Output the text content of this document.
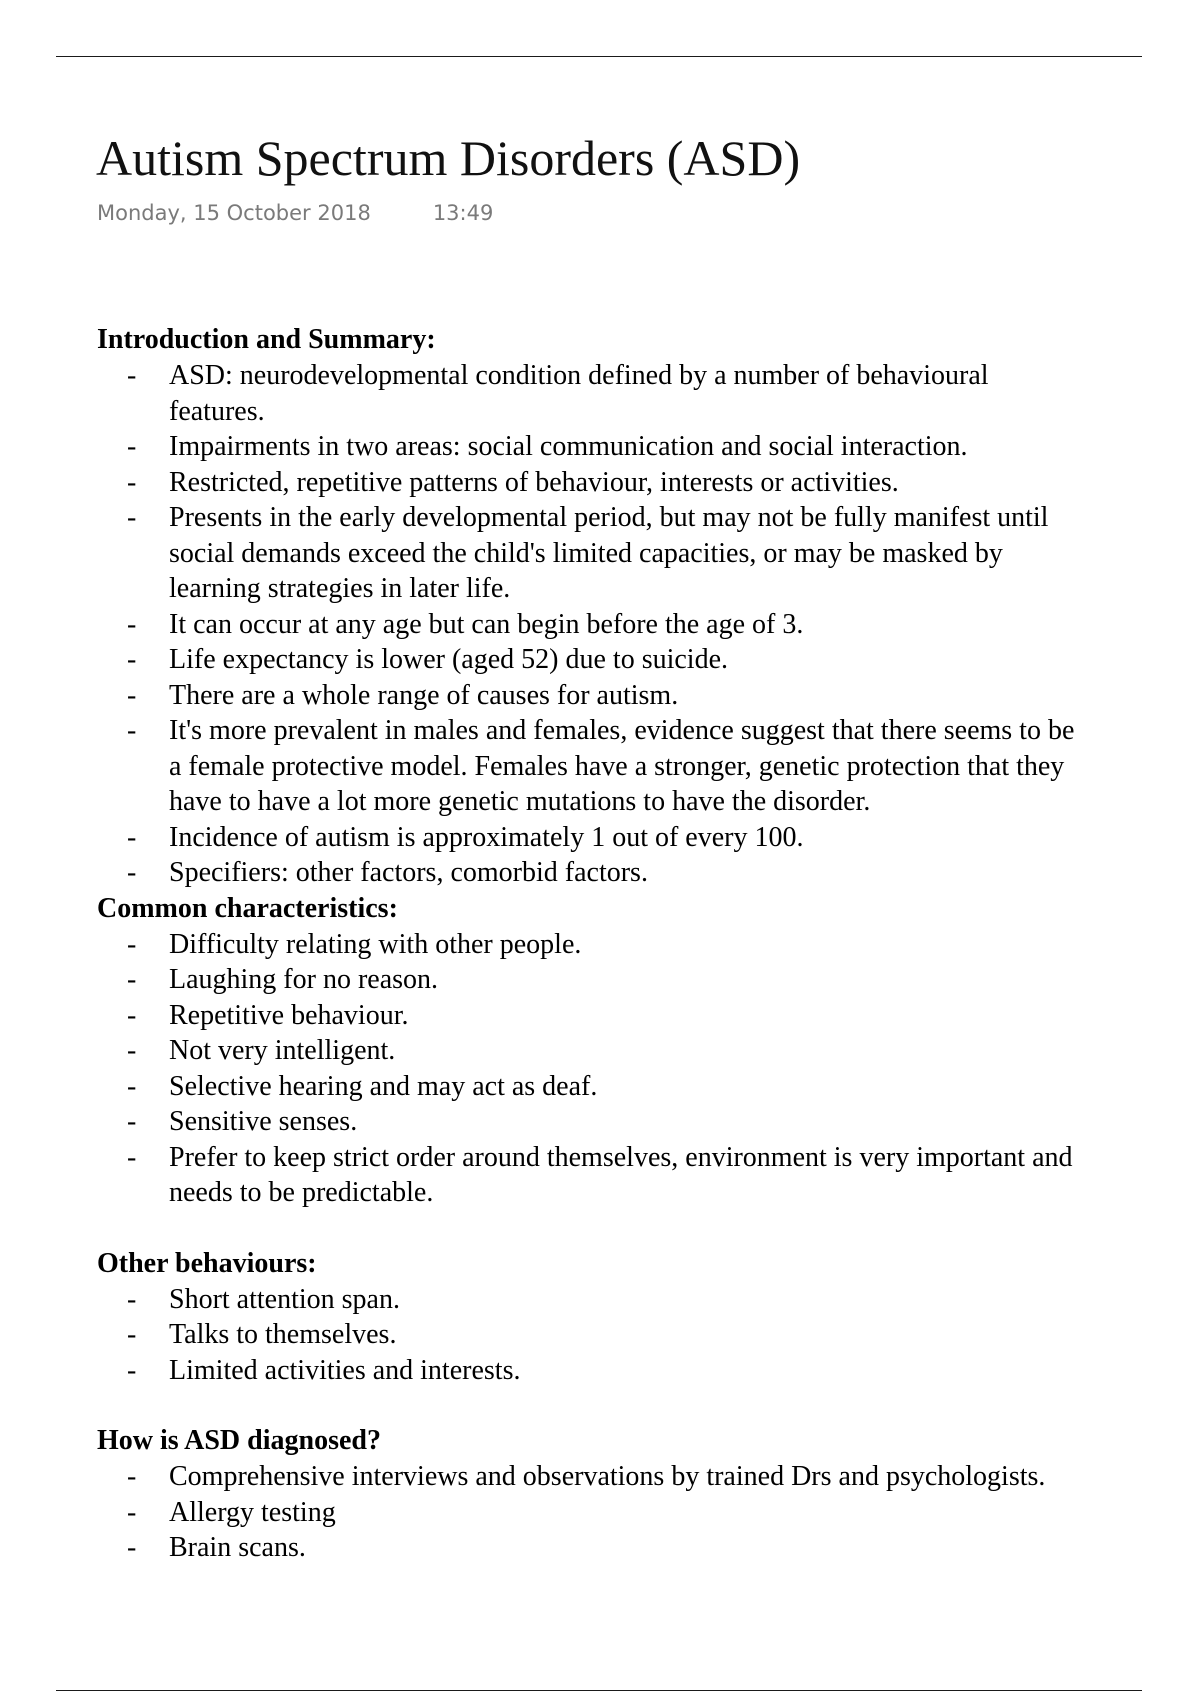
Autism Spectrum Disorders (ASD)
Monday, 15 October 2018	13:49
Introduction and Summary:
- ASD: neurodevelopmental condition defined by a number of behavioural
features.
- Impairments in two areas: social communication and social interaction.
- Restricted, repetitive patterns of behaviour, interests or activities.
- Presents in the early developmental period, but may not be fully manifest until
social demands exceed the child's limited capacities, or may be masked by
learning strategies in later life.
- It can occur at any age but can begin before the age of 3.
- Life expectancy is lower (aged 52) due to suicide.
- There are a whole range of causes for autism.
- It's more prevalent in males and females, evidence suggest that there seems to be
a female protective model. Females have a stronger, genetic protection that they
have to have a lot more genetic mutations to have the disorder.
- Incidence of autism is approximately 1 out of every 100.
- Specifiers: other factors, comorbid factors.
Common characteristics:
- Difficulty relating with other people.
- Laughing for no reason.
- Repetitive behaviour.
- Not very intelligent.
- Selective hearing and may act as deaf.
- Sensitive senses.
- Prefer to keep strict order around themselves, environment is very important and
needs to be predictable.
Other behaviours:
- Short attention span.
- Talks to themselves.
- Limited activities and interests.
How is ASD diagnosed?
- Comprehensive interviews and observations by trained Drs and psychologists.
- Allergy testing
- Brain scans.
